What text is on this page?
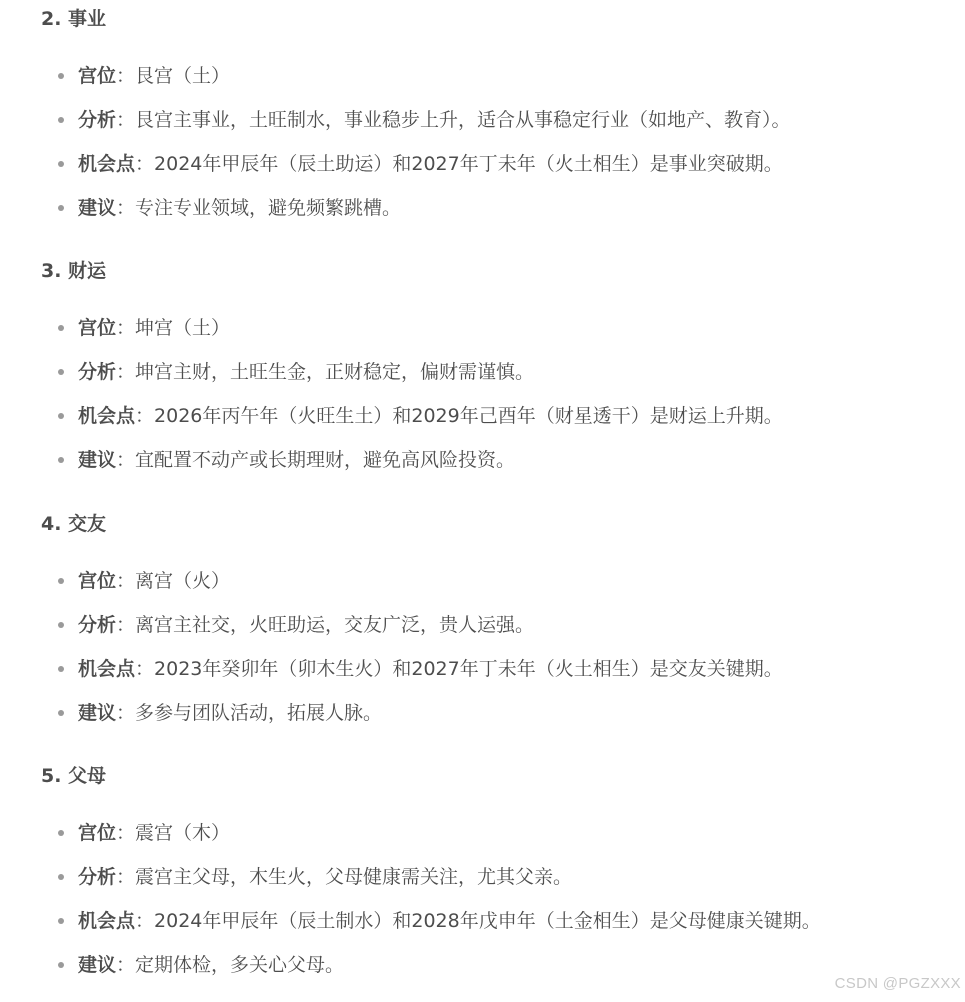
2. 事业
宫位：艮宫（土）
分析：艮宫主事业，土旺制水，事业稳步上升，适合从事稳定行业（如地产、教育）。
机会点：2024年甲辰年（辰土助运）和2027年丁未年（火土相生）是事业突破期。
建议：专注专业领域，避免频繁跳槽。
3. 财运
宫位：坤宫（土）
分析：坤宫主财，土旺生金，正财稳定，偏财需谨慎。
机会点：2026年丙午年（火旺生土）和2029年己酉年（财星透干）是财运上升期。
建议：宜配置不动产或长期理财，避免高风险投资。
4. 交友
宫位：离宫（火）
分析：离宫主社交，火旺助运，交友广泛，贵人运强。
机会点：2023年癸卯年（卯木生火）和2027年丁未年（火土相生）是交友关键期。
建议：多参与团队活动，拓展人脉。
5. 父母
宫位：震宫（木）
分析：震宫主父母，木生火，父母健康需关注，尤其父亲。
机会点：2024年甲辰年（辰土制水）和2028年戊申年（土金相生）是父母健康关键期。
建议：定期体检，多关心父母。
CSDN @PGZXXX
